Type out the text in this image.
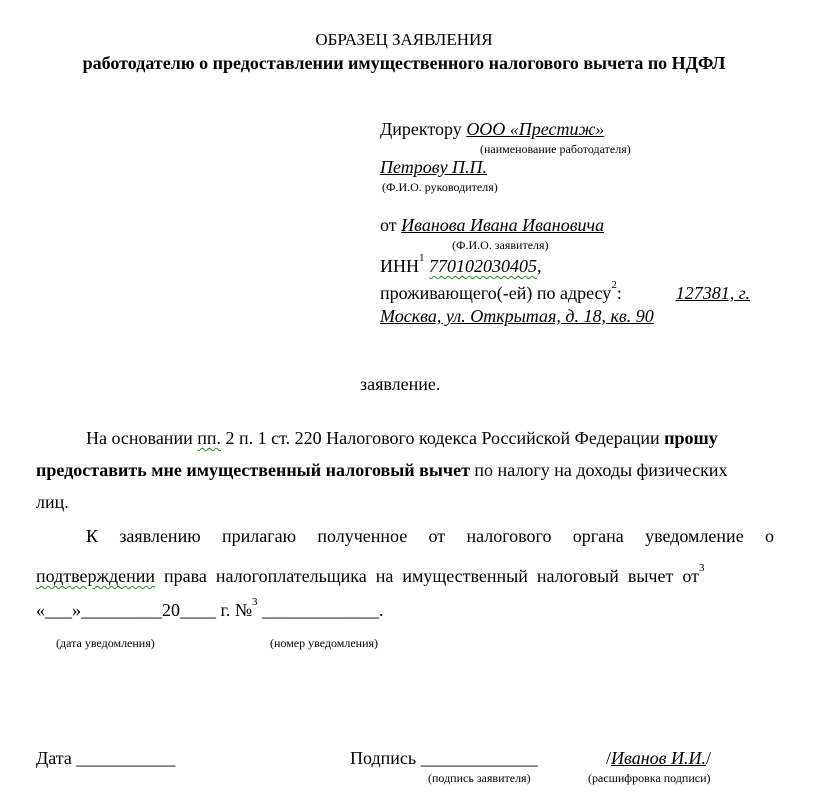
ОБРАЗЕЦ ЗАЯВЛЕНИЯ
работодателю о предоставлении имущественного налогового вычета по НДФЛ
Директору ООО «Престиж»
(наименование работодателя)
Петрову П.П.
(Ф.И.О. руководителя)
от Иванова Ивана Ивановича
(Ф.И.О. заявителя)
ИНН$^1$ 770102030405,
проживающего(-ей) по адресу$^2$:	127381, г.
Москва, ул. Открытая, д. 18, кв. 90
заявление.
На основании пп. 2 п. 1 ст. 220 Налогового кодекса Российской Федерации прошу
предоставить мне имущественный налоговый вычет по налогу на доходы физических
лиц.
К заявлению прилагаю полученное от налогового органа уведомление о
подтверждении  права  налогоплательщика  на  имущественный  налоговый  вычет  $от^3$
«___»_________20____ г. №$^3$ _____________.
(дата уведомления)	(номер уведомления)
Дата ___________	Подпись _____________
(подпись заявителя)
/Иванов И.И./
(расшифровка подписи)
